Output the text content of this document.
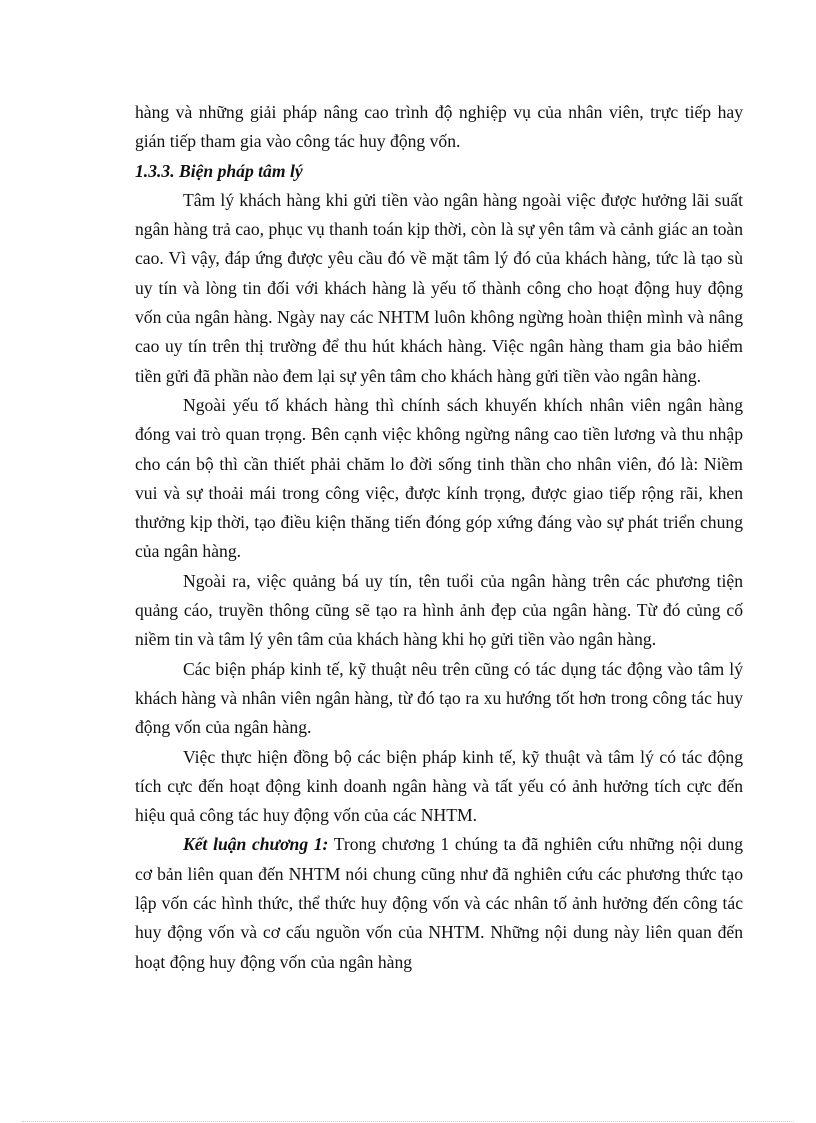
hàng và những giải pháp nâng cao trình độ nghiệp vụ của nhân viên, trực tiếp hay gián tiếp tham gia vào công tác huy động vốn.

1.3.3. Biện pháp tâm lý

Tâm lý khách hàng khi gửi tiền vào ngân hàng ngoài việc được hưởng lãi suất ngân hàng trả cao, phục vụ thanh toán kịp thời, còn là sự yên tâm và cảnh giác an toàn cao. Vì vậy, đáp ứng được yêu cầu đó về mặt tâm lý đó của khách hàng, tức là tạo sù uy tín và lòng tin đối với khách hàng là yếu tố thành công cho hoạt động huy động vốn của ngân hàng. Ngày nay các NHTM luôn không ngừng hoàn thiện mình và nâng cao uy tín trên thị trường để thu hút khách hàng. Việc ngân hàng tham gia bảo hiểm tiền gửi đã phần nào đem lại sự yên tâm cho khách hàng gửi tiền vào ngân hàng.

Ngoài yếu tố khách hàng thì chính sách khuyến khích nhân viên ngân hàng đóng vai trò quan trọng. Bên cạnh việc không ngừng nâng cao tiền lương và thu nhập cho cán bộ thì cần thiết phải chăm lo đời sống tinh thần cho nhân viên, đó là: Niềm vui và sự thoải mái trong công việc, được kính trọng, được giao tiếp rộng rãi, khen thưởng kịp thời, tạo điều kiện thăng tiến đóng góp xứng đáng vào sự phát triển chung của ngân hàng.

Ngoài ra, việc quảng bá uy tín, tên tuổi của ngân hàng trên các phương tiện quảng cáo, truyền thông cũng sẽ tạo ra hình ảnh đẹp của ngân hàng. Từ đó củng cố niềm tin và tâm lý yên tâm của khách hàng khi họ gửi tiền vào ngân hàng.

Các biện pháp kinh tế, kỹ thuật nêu trên cũng có tác dụng tác động vào tâm lý khách hàng và nhân viên ngân hàng, từ đó tạo ra xu hướng tốt hơn trong công tác huy động vốn của ngân hàng.

Việc thực hiện đồng bộ các biện pháp kinh tế, kỹ thuật và tâm lý có tác động tích cực đến hoạt động kinh doanh ngân hàng và tất yếu có ảnh hưởng tích cực đến hiệu quả công tác huy động vốn của các NHTM.

Kết luận chương 1: Trong chương 1 chúng ta đã nghiên cứu những nội dung cơ bản liên quan đến NHTM nói chung cũng như đã nghiên cứu các phương thức tạo lập vốn các hình thức, thể thức huy động vốn và các nhân tố ảnh hưởng đến công tác huy động vốn và cơ cấu nguồn vốn của NHTM. Những nội dung này liên quan đến hoạt động huy động vốn của ngân hàng
